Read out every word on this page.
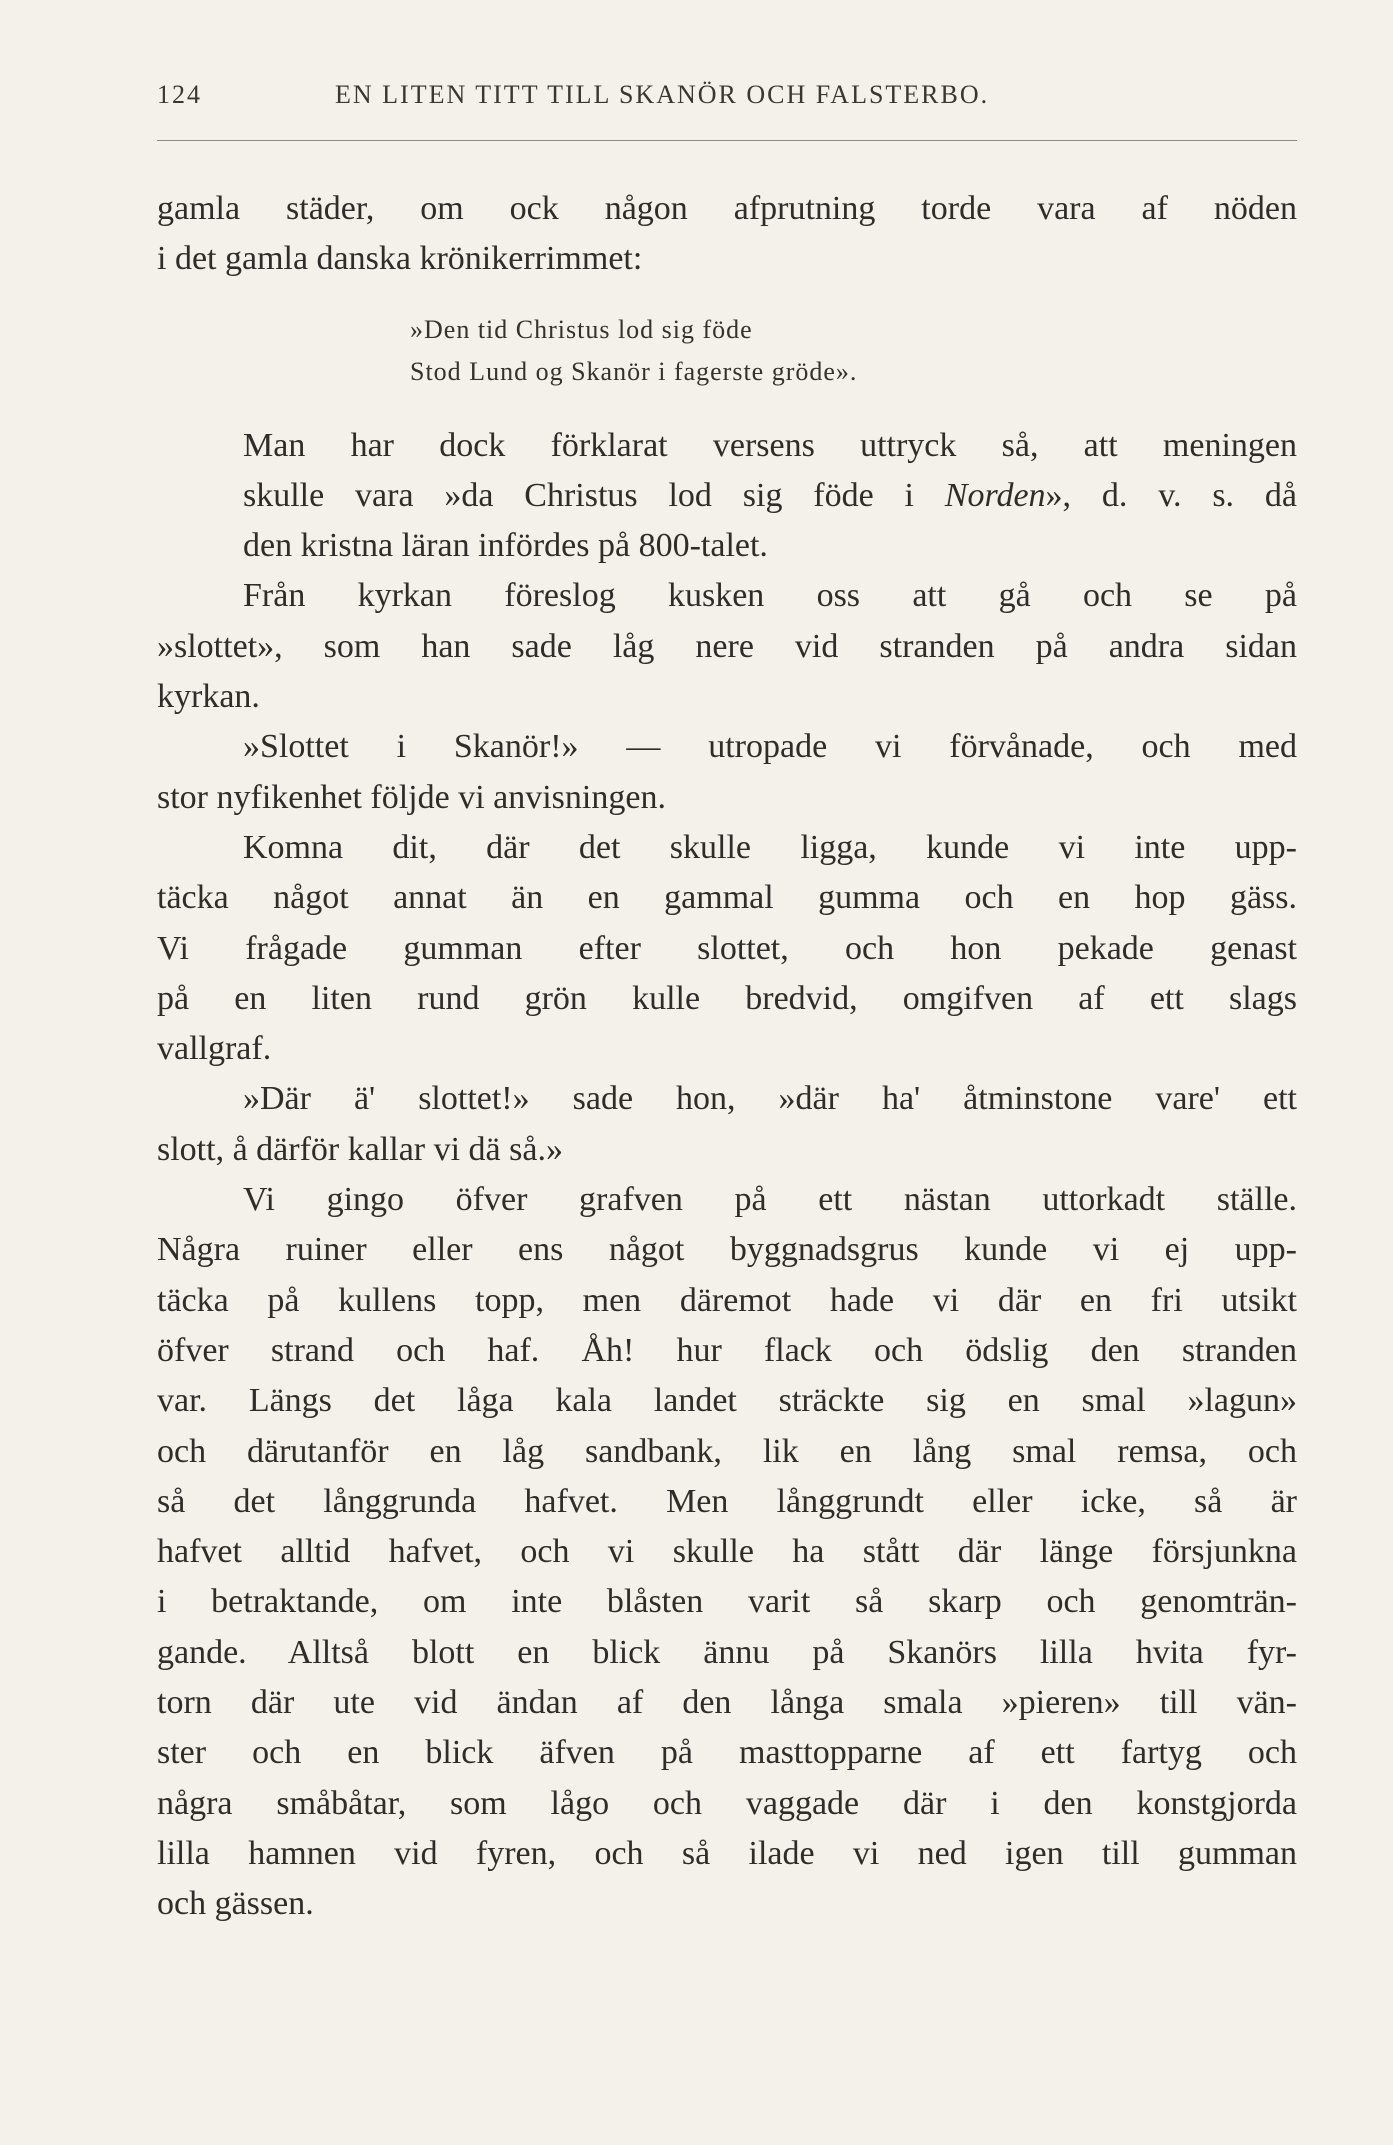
124	EN LITEN TITT TILL SKANÖR OCH FALSTERBO.

gamla städer, om ock någon afprutning torde vara af nöden
i det gamla danska krönikerrimmet:

»Den tid Christus lod sig föde
Stod Lund og Skanör i fagerste gröde».

Man har dock förklarat versens uttryck så, att meningen
skulle vara »da Christus lod sig föde i Norden», d. v. s. då
den kristna läran infördes på 800-talet.

Från kyrkan föreslog kusken oss att gå och se på
»slottet», som han sade låg nere vid stranden på andra sidan
kyrkan.

»Slottet i Skanör!» — utropade vi förvånade, och med
stor nyfikenhet följde vi anvisningen.

Komna dit, där det skulle ligga, kunde vi inte upp-
täcka något annat än en gammal gumma och en hop gäss.
Vi frågade gumman efter slottet, och hon pekade genast
på en liten rund grön kulle bredvid, omgifven af ett slags
vallgraf.

»Där ä' slottet!» sade hon, »där ha' åtminstone vare' ett
slott, å därför kallar vi dä så.»

Vi gingo öfver grafven på ett nästan uttorkadt ställe.
Några ruiner eller ens något byggnadsgrus kunde vi ej upp-
täcka på kullens topp, men däremot hade vi där en fri utsikt
öfver strand och haf. Åh! hur flack och ödslig den stranden
var. Längs det låga kala landet sträckte sig en smal »lagun»
och därutanför en låg sandbank, lik en lång smal remsa, och
så det långgrunda hafvet. Men långgrundt eller icke, så är
hafvet alltid hafvet, och vi skulle ha stått där länge försjunkna
i betraktande, om inte blåsten varit så skarp och genomträn-
gande. Alltså blott en blick ännu på Skanörs lilla hvita fyr-
torn där ute vid ändan af den långa smala »pieren» till vän-
ster och en blick äfven på masttopparne af ett fartyg och
några småbåtar, som lågo och vaggade där i den konstgjorda
lilla hamnen vid fyren, och så ilade vi ned igen till gumman
och gässen.
